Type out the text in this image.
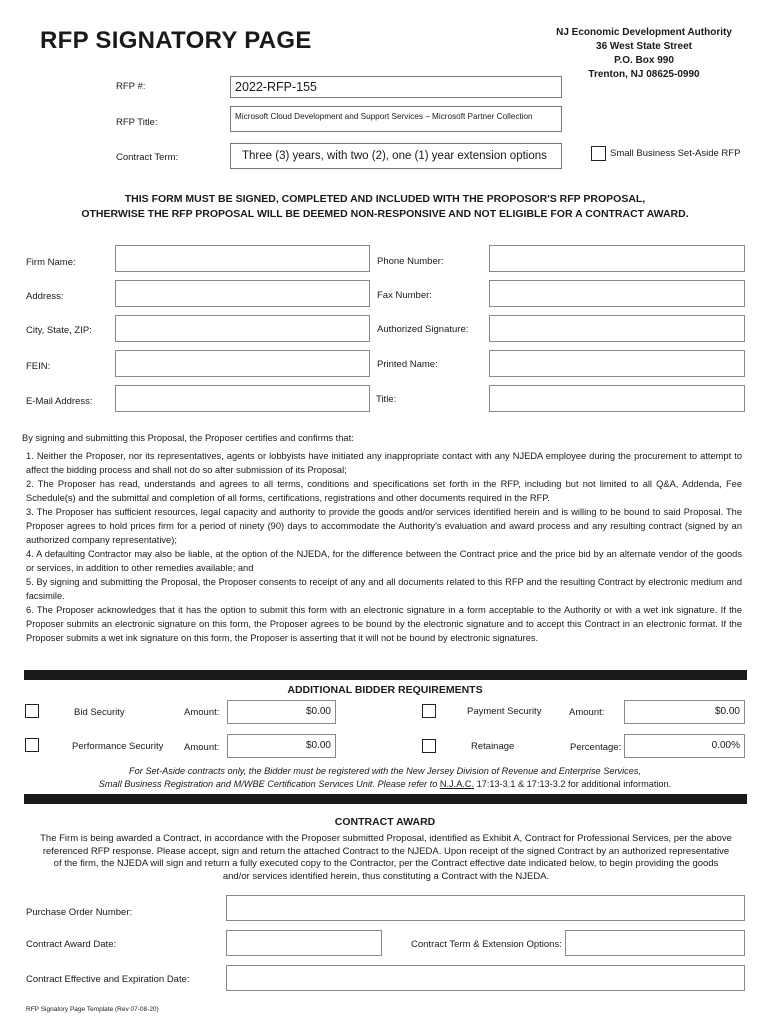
RFP SIGNATORY PAGE	NJ Economic Development Authority
36 West State Street
P.O. Box 990
Trenton, NJ 08625-0990
RFP #:	2022-RFP-155
RFP Title:
Microsoft Cloud Development and Support Services – Microsoft Partner Collection
Contract Term:	Three (3) years, with two (2), one (1) year extension options	Small Business Set-Aside RFP
THIS FORM MUST BE SIGNED, COMPLETED AND INCLUDED WITH THE PROPOSOR'S RFP PROPOSAL,
OTHERWISE THE RFP PROPOSAL WILL BE DEEMED NON-RESPONSIVE AND NOT ELIGIBLE FOR A CONTRACT AWARD.
Firm Name:
Address:
City, State, ZIP:
FEIN:
E-Mail Address:
Phone Number:
Fax Number:
Authorized Signature:
Printed Name:
Title:
By signing and submitting this Proposal, the Proposer certifies and confirms that:

1. Neither the Proposer, nor its representatives, agents or lobbyists have initiated any inappropriate contact with any NJEDA employee during the procurement to attempt to affect the bidding process and shall not do so after submission of its Proposal;

2. The Proposer has read, understands and agrees to all terms, conditions and specifications set forth in the RFP, including but not limited to all Q&A, Addenda, Fee Schedule(s) and the submittal and completion of all forms, certifications, registrations and other documents required in the RFP.

3. The Proposer has sufficient resources, legal capacity and authority to provide the goods and/or services identified herein and is willing to be bound to said Proposal. The Proposer agrees to hold prices firm for a period of ninety (90) days to accommodate the Authority's evaluation and award process and any resulting contract (signed by an authorized company representative);

4. A defaulting Contractor may also be liable, at the option of the NJEDA, for the difference between the Contract price and the price bid by an alternate vendor of the goods or services, in addition to other remedies available; and

5. By signing and submitting the Proposal, the Proposer consents to receipt of any and all documents related to this RFP and the resulting Contract by electronic medium and facsimile.

6. The Proposer acknowledges that it has the option to submit this form with an electronic signature in a form acceptable to the Authority or with a wet ink signature. If the Proposer submits an electronic signature on this form, the Proposer agrees to be bound by the electronic signature and to accept this Contract in an electronic format. If the Proposer submits a wet ink signature on this form, the Proposer is asserting that it will not be bound by electronic signatures.

ADDITIONAL BIDDER REQUIREMENTS
Bid Security	Amount:	$0.00	Payment Security	Amount:	$0.00
Performance Security Amount:	$0.00	Retainage	Percentage:	0.00%
For Set-Aside contracts only, the Bidder must be registered with the New Jersey Division of Revenue and Enterprise Services,
Small Business Registration and M/WBE Certification Services Unit. Please refer to N.J.A.C. 17:13-3.1 & 17:13-3.2 for additional information.
CONTRACT AWARD
The Firm is being awarded a Contract, in accordance with the Proposer submitted Proposal, identified as Exhibit A, Contract for Professional Services, per the above referenced RFP response. Please accept, sign and return the attached Contract to the NJEDA. Upon receipt of the signed Contract by an authorized representative of the firm, the NJEDA will sign and return a fully executed copy to the Contractor, per the Contract effective date indicated below, to begin providing the goods and/or services identified herein, thus constituting a Contract with the NJEDA.
Purchase Order Number:
Contract Award Date:	Contract Term & Extension Options:
Contract Effective and Expiration Date:
RFP Signatory Page Template (Rev 07-08-20)
